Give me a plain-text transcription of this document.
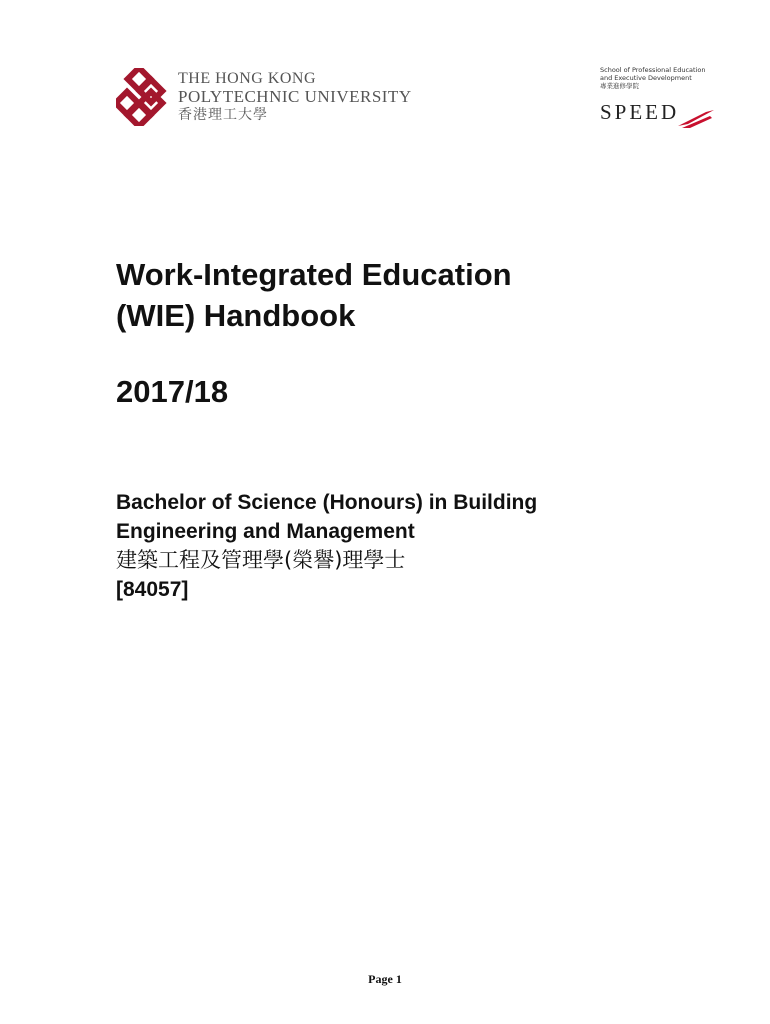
THE HONG KONG
POLYTECHNIC UNIVERSITY
香港理工大學
School of Professional Education
and Executive Development
專業進修學院
SPEED
Work-Integrated Education
(WIE) Handbook
2017/18
Bachelor of Science (Honours) in Building
Engineering and Management
建築工程及管理學(榮譽)理學士
[84057]
Page 1
